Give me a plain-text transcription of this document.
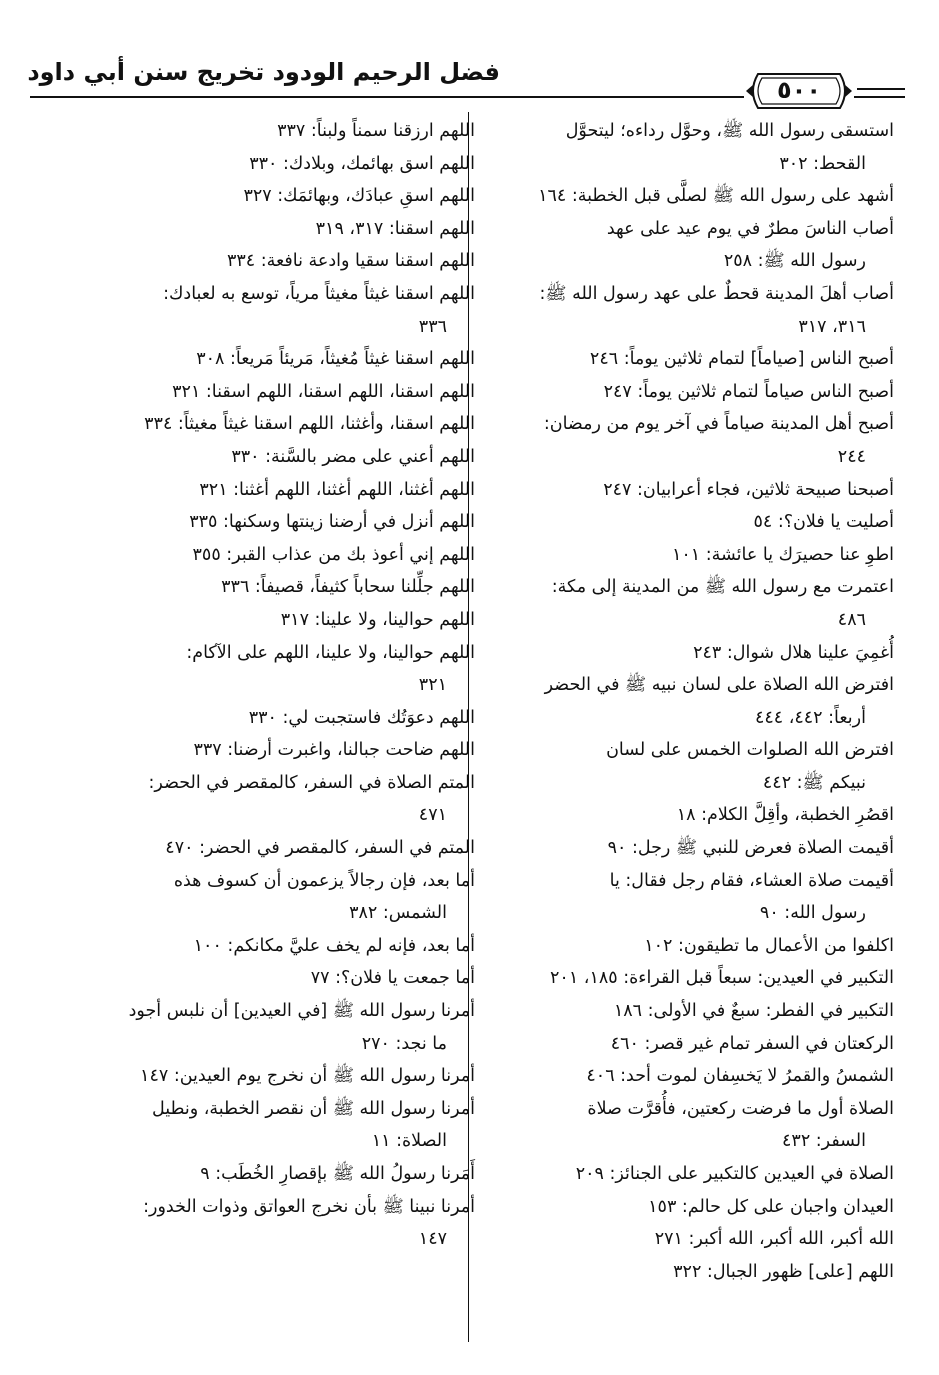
فضل الرحيم الودود تخريج سنن أبي داود
٥٠٠
استسقى رسول الله ﷺ، وحوَّل رداءه؛ ليتحوَّل
القحط: ٣٠٢
أشهد على رسول الله ﷺ لصلَّى قبل الخطبة: ١٦٤
أصاب الناسَ مطرٌ في يوم عيد على عهد
رسول الله ﷺ: ٢٥٨
أصاب أهلَ المدينة قحطٌ على عهد رسول الله ﷺ:
٣١٦، ٣١٧
أصبح الناس [صياماً] لتمام ثلاثين يوماً: ٢٤٦
أصبح الناس صياماً لتمام ثلاثين يوماً: ٢٤٧
أصبح أهل المدينة صياماً في آخر يوم من رمضان:
٢٤٤
أصبحنا صبيحة ثلاثين، فجاء أعرابيان: ٢٤٧
أصليت يا فلان؟: ٥٤
اطوِ عنا حصيرَك يا عائشة: ١٠١
اعتمرت مع رسول الله ﷺ من المدينة إلى مكة:
٤٨٦
أُغمِيَ علينا هلال شوال: ٢٤٣
افترض الله الصلاة على لسان نبيه ﷺ في الحضر
أربعاً: ٤٤٢، ٤٤٤
افترض الله الصلوات الخمس على لسان
نبيكم ﷺ: ٤٤٢
اقصُرِ الخطبة، وأقِلَّ الكلام: ١٨
أقيمت الصلاة فعرض للنبي ﷺ رجل: ٩٠
أقيمت صلاة العشاء، فقام رجل فقال: يا
رسول الله: ٩٠
اكلفوا من الأعمال ما تطيقون: ١٠٢
التكبير في العيدين: سبعاً قبل القراءة: ١٨٥، ٢٠١
التكبير في الفطر: سبعٌ في الأولى: ١٨٦
الركعتان في السفر تمام غير قصر: ٤٦٠
الشمسُ والقمرُ لا يَخسِفان لموت أحد: ٤٠٦
الصلاة أول ما فرضت ركعتين، فأُقرَّت صلاة
السفر: ٤٣٢
الصلاة في العيدين كالتكبير على الجنائز: ٢٠٩
العيدان واجبان على كل حالم: ١٥٣
الله أكبر، الله أكبر، الله أكبر: ٢٧١
اللهم [على] ظهور الجبال: ٣٢٢
اللهم ارزقنا سمناً ولبناً: ٣٣٧
اللهم اسق بهائمك، وبلادك: ٣٣٠
اللهم اسقِ عبادَك، وبهائمَك: ٣٢٧
اللهم اسقنا: ٣١٧، ٣١٩
اللهم اسقنا سقيا وادعة نافعة: ٣٣٤
اللهم اسقنا غيثاً مغيثاً مرياً، توسع به لعبادك:
٣٣٦
اللهم اسقنا غيثاً مُغيثاً، مَريئاً مَريعاً: ٣٠٨
اللهم اسقنا، اللهم اسقنا، اللهم اسقنا: ٣٢١
اللهم اسقنا، وأغثنا، اللهم اسقنا غيثاً مغيثاً: ٣٣٤
اللهم أعني على مضر بالسَّنة: ٣٣٠
اللهم أغثنا، اللهم أغثنا، اللهم أغثنا: ٣٢١
اللهم أنزل في أرضنا زينتها وسكنها: ٣٣٥
اللهم إني أعوذ بك من عذاب القبر: ٣٥٥
اللهم جلِّلنا سحاباً كثيفاً، قصيفاً: ٣٣٦
اللهم حوالينا، ولا علينا: ٣١٧
اللهم حوالينا، ولا علينا، اللهم على الآكام:
٣٢١
اللهم دعوَتُك فاستجبت لي: ٣٣٠
اللهم ضاحت جبالنا، واغبرت أرضنا: ٣٣٧
المتم الصلاة في السفر، كالمقصر في الحضر:
٤٧١
المتم في السفر، كالمقصر في الحضر: ٤٧٠
أما بعد، فإن رجالاً يزعمون أن كسوف هذه
الشمس: ٣٨٢
أما بعد، فإنه لم يخف عليَّ مكانكم: ١٠٠
أما جمعت يا فلان؟: ٧٧
أمرنا رسول الله ﷺ [في العيدين] أن نلبس أجود
ما نجد: ٢٧٠
أمرنا رسول الله ﷺ أن نخرج يوم العيدين: ١٤٧
أمرنا رسول الله ﷺ أن نقصر الخطبة، ونطيل
الصلاة: ١١
أَمَرنا رسولُ الله ﷺ بإقصارِ الخُطَب: ٩
أمرنا نبينا ﷺ بأن نخرج العواتق وذوات الخدور:
١٤٧
